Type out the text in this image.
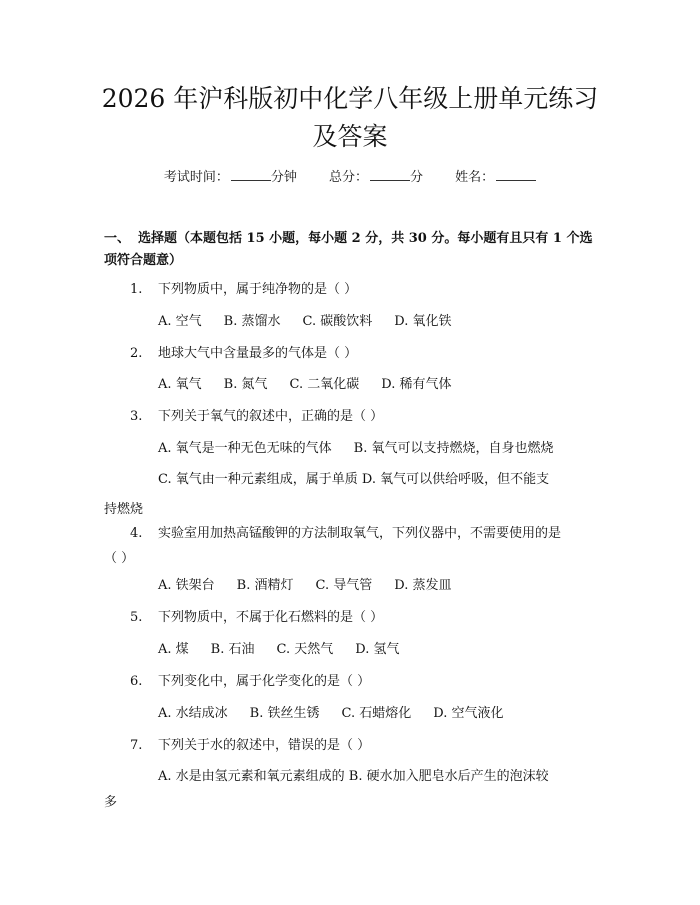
2026 年沪科版初中化学八年级上册单元练习
及答案
考试时间：	分钟 总分：	分 姓名：
一、 选择题（本题包括 15 小题，每小题 2 分，共 30 分。每小题有且只有 1 个选
项符合题意）
1. 下列物质中，属于纯净物的是（ ）
A. 空气 B. 蒸馏水 C. 碳酸饮料 D. 氧化铁
2. 地球大气中含量最多的气体是（ ）
A. 氧气 B. 氮气 C. 二氧化碳 D. 稀有气体
3. 下列关于氧气的叙述中，正确的是（ ）
A. 氧气是一种无色无味的气体 B. 氧气可以支持燃烧，自身也燃烧
C. 氧气由一种元素组成，属于单质 D. 氧气可以供给呼吸，但不能支
持燃烧
4. 实验室用加热高锰酸钾的方法制取氧气，下列仪器中，不需要使用的是
（ ）
A. 铁架台 B. 酒精灯 C. 导气管 D. 蒸发皿
5. 下列物质中，不属于化石燃料的是（ ）
A. 煤 B. 石油 C. 天然气 D. 氢气
6. 下列变化中，属于化学变化的是（ ）
A. 水结成冰 B. 铁丝生锈 C. 石蜡熔化 D. 空气液化
7. 下列关于水的叙述中，错误的是（ ）
A. 水是由氢元素和氧元素组成的 B. 硬水加入肥皂水后产生的泡沫较
多
